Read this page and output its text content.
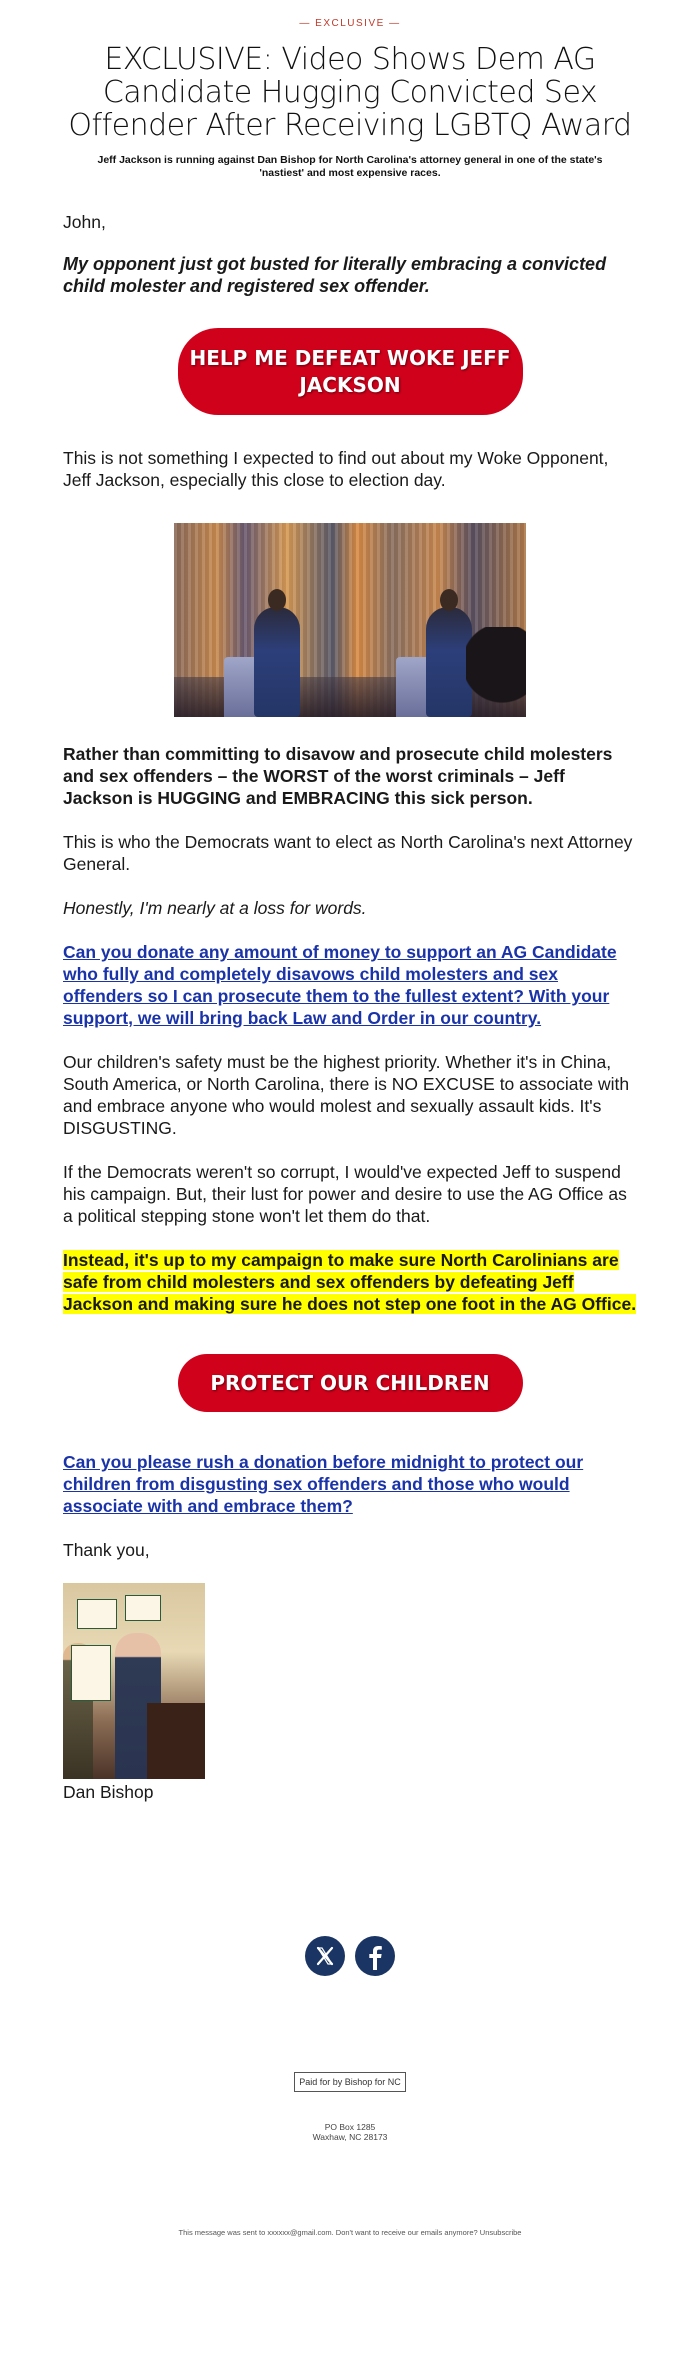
— EXCLUSIVE —
EXCLUSIVE: Video Shows Dem AG Candidate Hugging Convicted Sex Offender After Receiving LGBTQ Award

Jeff Jackson is running against Dan Bishop for North Carolina's attorney general in one of the state's 'nastiest' and most expensive races.

John,

My opponent just got busted for literally embracing a convicted child molester and registered sex offender.

HELP ME DEFEAT WOKE JEFF JACKSON

This is not something I expected to find out about my Woke Opponent, Jeff Jackson, especially this close to election day.

Rather than committing to disavow and prosecute child molesters and sex offenders – the WORST of the worst criminals – Jeff Jackson is HUGGING and EMBRACING this sick person.

This is who the Democrats want to elect as North Carolina's next Attorney General.

Honestly, I'm nearly at a loss for words.

Can you donate any amount of money to support an AG Candidate who fully and completely disavows child molesters and sex offenders so I can prosecute them to the fullest extent? With your support, we will bring back Law and Order in our country.

Our children's safety must be the highest priority. Whether it's in China, South America, or North Carolina, there is NO EXCUSE to associate with and embrace anyone who would molest and sexually assault kids. It's DISGUSTING.

If the Democrats weren't so corrupt, I would've expected Jeff to suspend his campaign. But, their lust for power and desire to use the AG Office as a political stepping stone won't let them do that.

Instead, it's up to my campaign to make sure North Carolinians are safe from child molesters and sex offenders by defeating Jeff Jackson and making sure he does not step one foot in the AG Office.

PROTECT OUR CHILDREN

Can you please rush a donation before midnight to protect our children from disgusting sex offenders and those who would associate with and embrace them?

Thank you,

Dan Bishop

Paid for by Bishop for NC
PO Box 1285
Waxhaw, NC 28173
This message was sent to xxxxxx@gmail.com. Don't want to receive our emails anymore? Unsubscribe
